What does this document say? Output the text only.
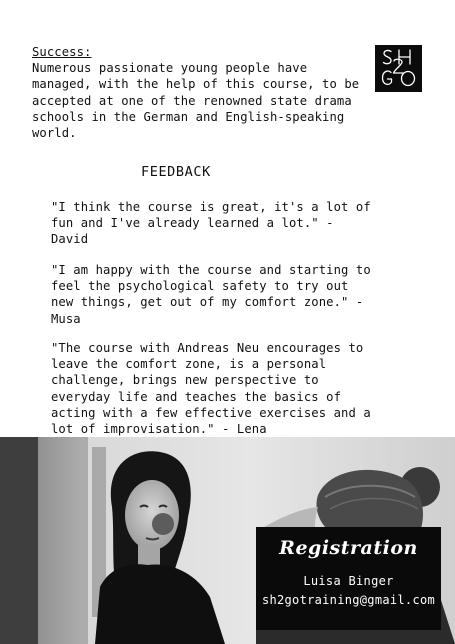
Success:
Numerous passionate young people have managed, with the help of this course, to be accepted at one of the renowned state drama schools in the German and English-speaking world.
FEEDBACK
"I think the course is great, it's a lot of
fun and I've already learned a lot." -
David
"I am happy with the course and starting to
feel the psychological safety to try out
new things, get out of my comfort zone." -
Musa
"The course with Andreas Neu encourages to
leave the comfort zone, is a personal
challenge, brings new perspective to
everyday life and teaches the basics of
acting with a few effective exercises and a
lot of improvisation." - Lena
Registration
Luisa Binger
sh2gotraining@gmail.com
